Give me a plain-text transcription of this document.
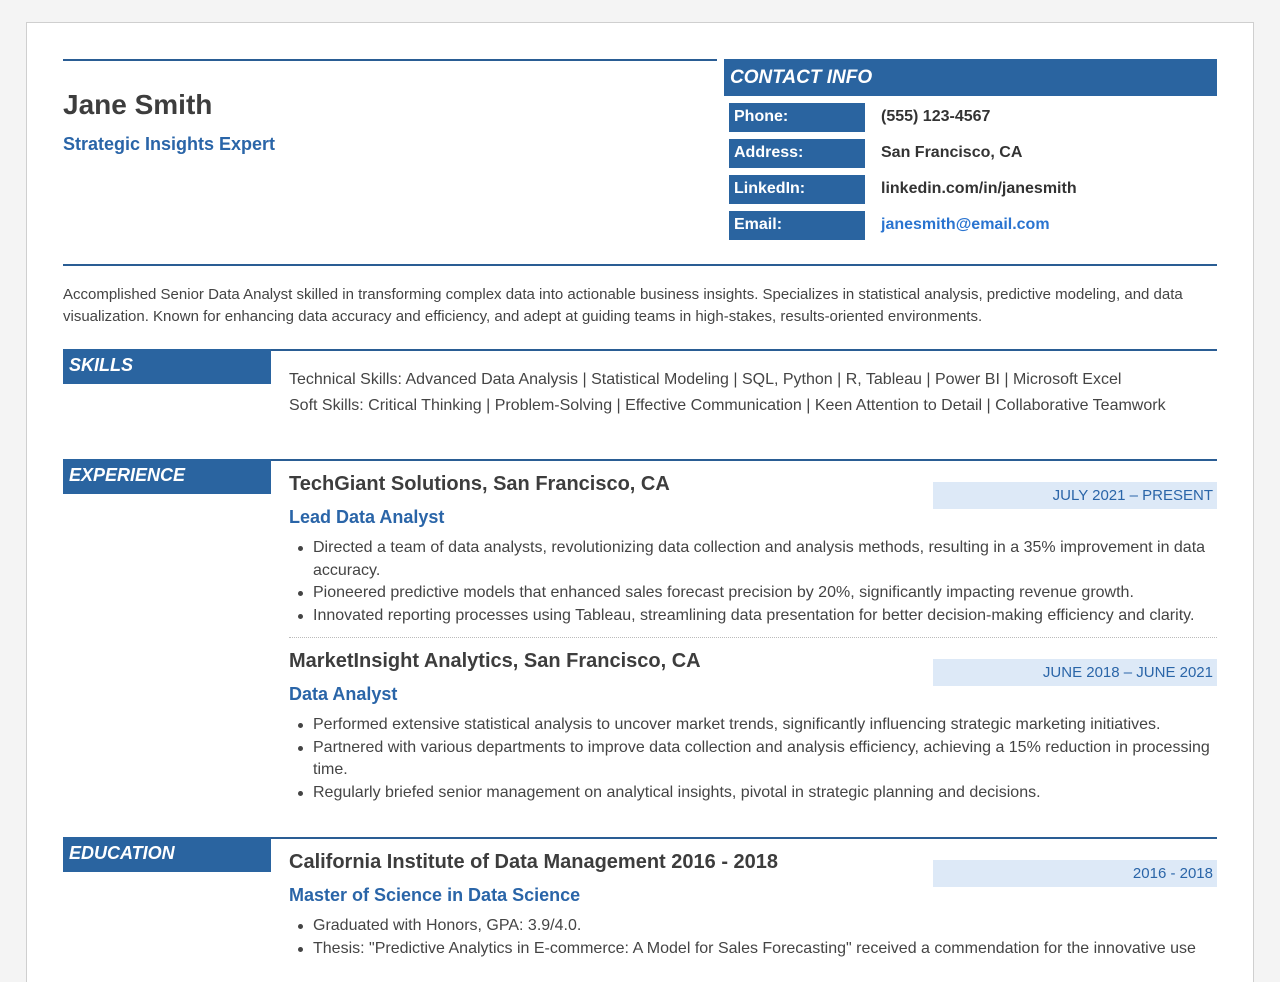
Jane Smith
Strategic Insights Expert
CONTACT INFO
Phone:	(555) 123-4567
Address:	San Francisco, CA
LinkedIn:	linkedin.com/in/janesmith
Email:	janesmith@email.com
Accomplished Senior Data Analyst skilled in transforming complex data into actionable business insights. Specializes in statistical analysis, predictive modeling, and data visualization. Known for enhancing data accuracy and efficiency, and adept at guiding teams in high-stakes, results-oriented environments.
SKILLS
Technical Skills: Advanced Data Analysis | Statistical Modeling | SQL, Python | R, Tableau | Power BI | Microsoft Excel
Soft Skills: Critical Thinking | Problem-Solving | Effective Communication | Keen Attention to Detail | Collaborative Teamwork
EXPERIENCE
JULY 2021 – PRESENT
TechGiant Solutions, San Francisco, CA
Lead Data Analyst
Directed a team of data analysts, revolutionizing data collection and analysis methods, resulting in a 35% improvement in data accuracy.
Pioneered predictive models that enhanced sales forecast precision by 20%, significantly impacting revenue growth.
Innovated reporting processes using Tableau, streamlining data presentation for better decision-making efficiency and clarity.
JUNE 2018 – JUNE 2021
MarketInsight Analytics, San Francisco, CA
Data Analyst
Performed extensive statistical analysis to uncover market trends, significantly influencing strategic marketing initiatives.
Partnered with various departments to improve data collection and analysis efficiency, achieving a 15% reduction in processing time.
Regularly briefed senior management on analytical insights, pivotal in strategic planning and decisions.
EDUCATION
2016 - 2018
California Institute of Data Management 2016 - 2018
Master of Science in Data Science
Graduated with Honors, GPA: 3.9/4.0.
Thesis: "Predictive Analytics in E-commerce: A Model for Sales Forecasting" received a commendation for the innovative use
